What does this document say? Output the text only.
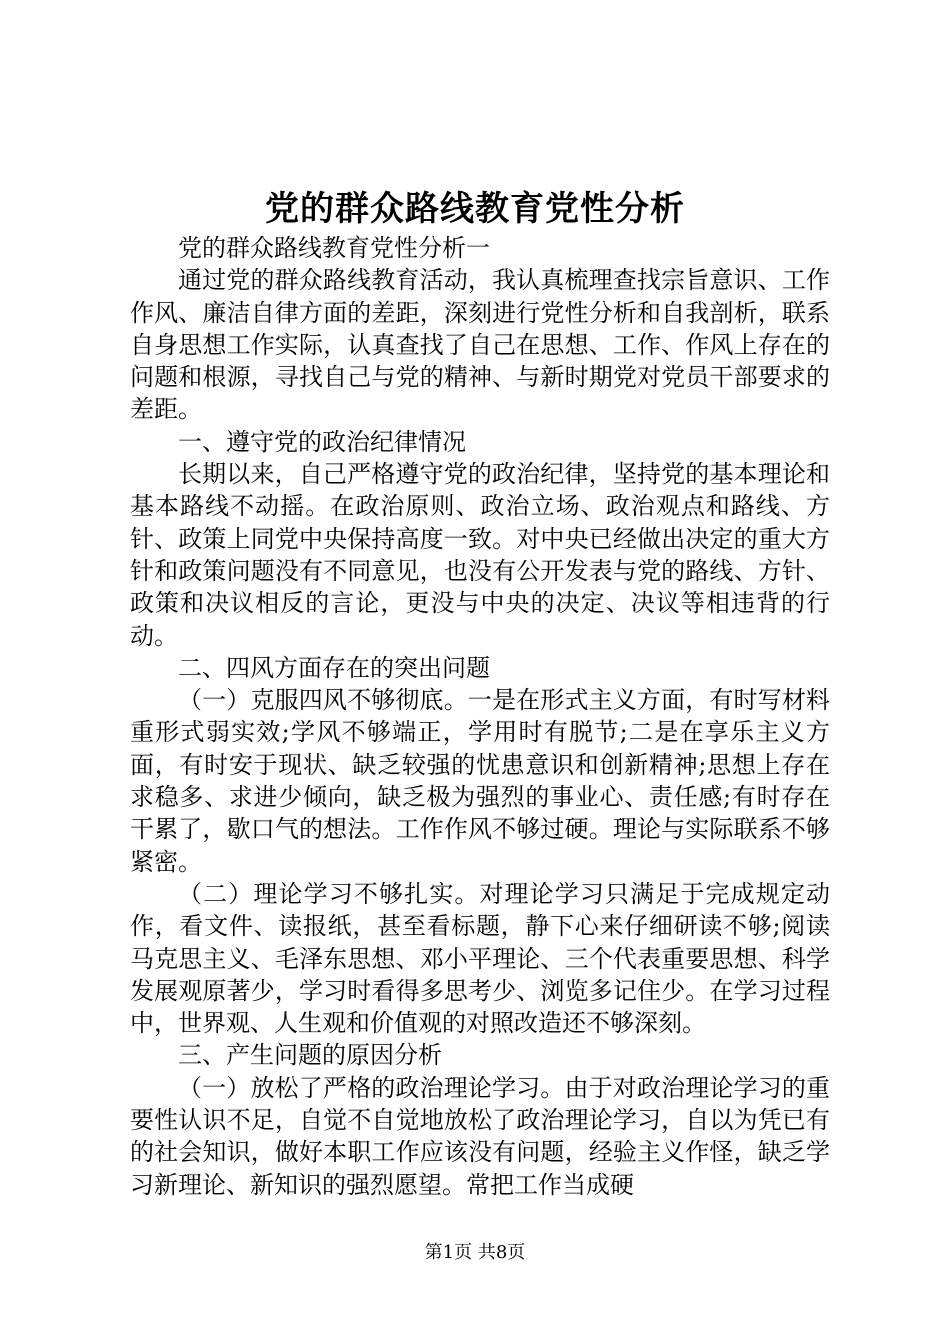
党的群众路线教育党性分析

党的群众路线教育党性分析一

通过党的群众路线教育活动，我认真梳理查找宗旨意识、工作作风、廉洁自律方面的差距，深刻进行党性分析和自我剖析，联系自身思想工作实际，认真查找了自己在思想、工作、作风上存在的问题和根源，寻找自己与党的精神、与新时期党对党员干部要求的差距。

一、遵守党的政治纪律情况

长期以来，自己严格遵守党的政治纪律，坚持党的基本理论和基本路线不动摇。在政治原则、政治立场、政治观点和路线、方针、政策上同党中央保持高度一致。对中央已经做出决定的重大方针和政策问题没有不同意见，也没有公开发表与党的路线、方针、政策和决议相反的言论，更没与中央的决定、决议等相违背的行动。

二、四风方面存在的突出问题

（一）克服四风不够彻底。一是在形式主义方面，有时写材料重形式弱实效;学风不够端正，学用时有脱节;二是在享乐主义方面，有时安于现状、缺乏较强的忧患意识和创新精神;思想上存在求稳多、求进少倾向，缺乏极为强烈的事业心、责任感;有时存在干累了，歇口气的想法。工作作风不够过硬。理论与实际联系不够紧密。

（二）理论学习不够扎实。对理论学习只满足于完成规定动作，看文件、读报纸，甚至看标题，静下心来仔细研读不够;阅读马克思主义、毛泽东思想、邓小平理论、三个代表重要思想、科学发展观原著少，学习时看得多思考少、浏览多记住少。在学习过程中，世界观、人生观和价值观的对照改造还不够深刻。

三、产生问题的原因分析

（一）放松了严格的政治理论学习。由于对政治理论学习的重要性认识不足，自觉不自觉地放松了政治理论学习，自以为凭已有的社会知识，做好本职工作应该没有问题，经验主义作怪，缺乏学习新理论、新知识的强烈愿望。常把工作当成硬

第1页 共8页
